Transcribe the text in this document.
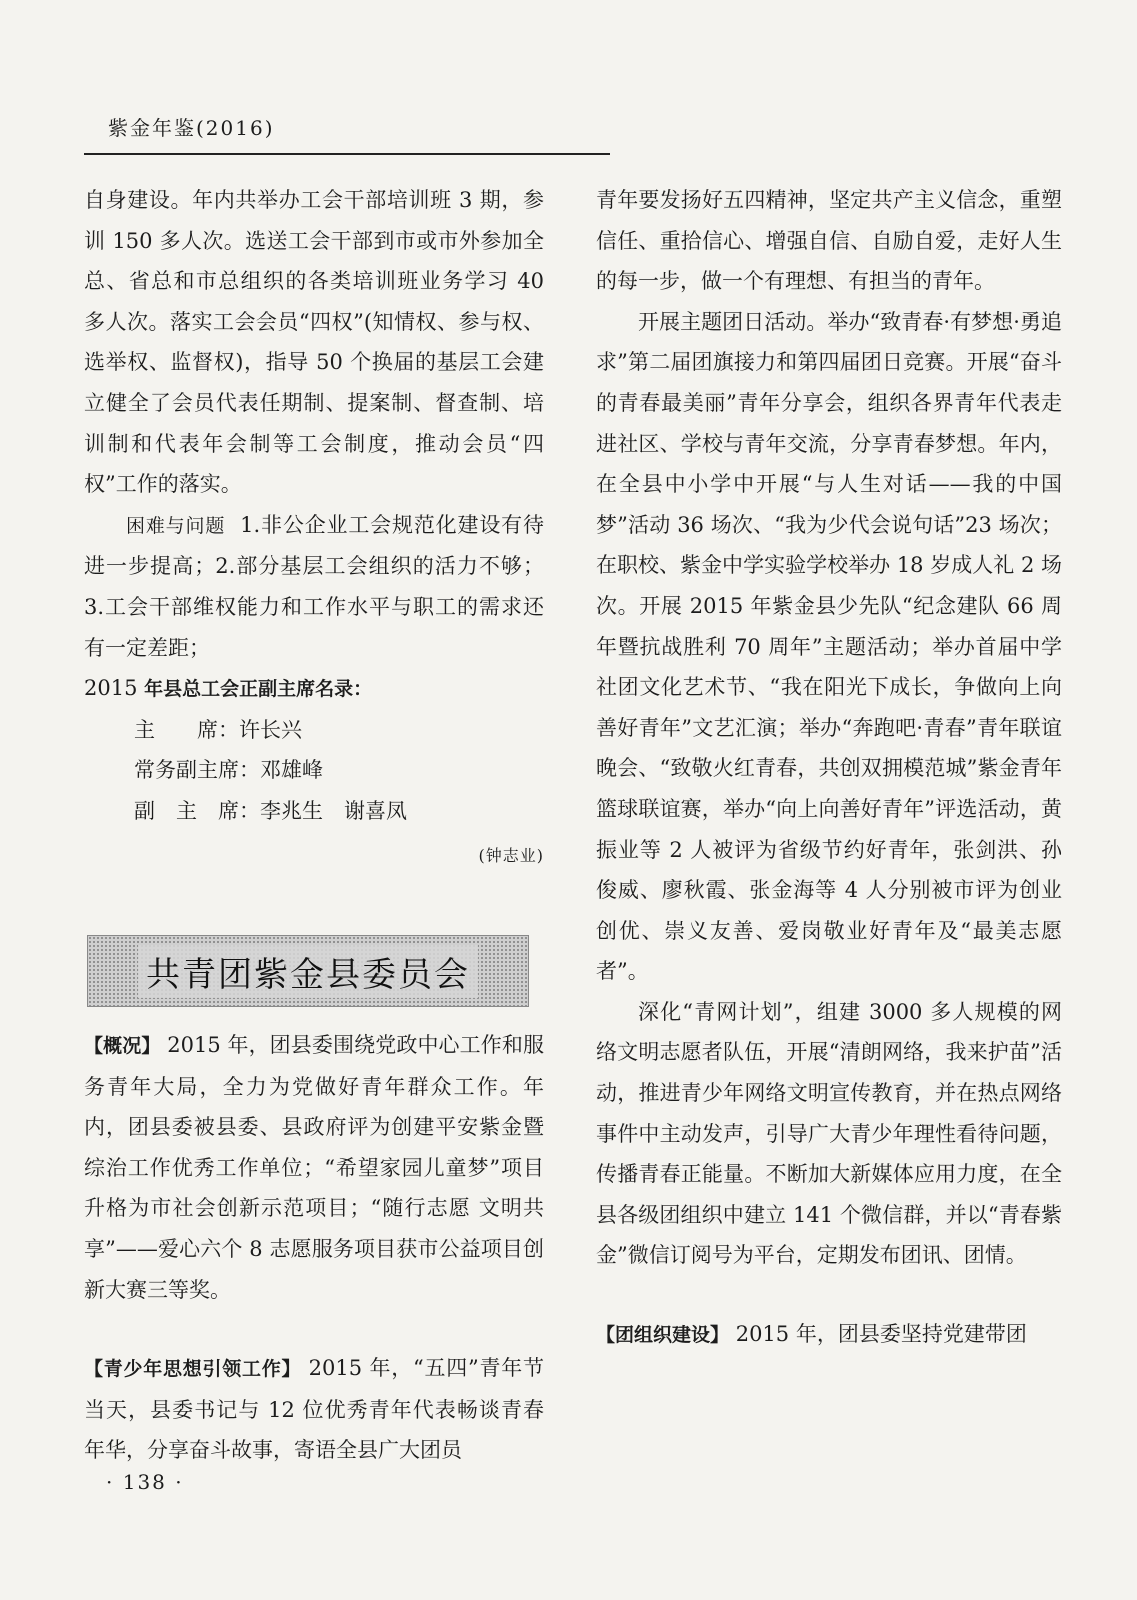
紫金年鉴(2016)

自身建设。年内共举办工会干部培训班 3 期，参训 150 多人次。选送工会干部到市或市外参加全总、省总和市总组织的各类培训班业务学习 40 多人次。落实工会会员“四权”(知情权、参与权、选举权、监督权)，指导 50 个换届的基层工会建立健全了会员代表任期制、提案制、督查制、培训制和代表年会制等工会制度，推动会员“四权”工作的落实。

困难与问题 1.非公企业工会规范化建设有待进一步提高；2.部分基层工会组织的活力不够；3.工会干部维权能力和工作水平与职工的需求还有一定差距；

2015 年县总工会正副主席名录：

主　　席：许长兴
常务副主席：邓雄峰
副　主　席：李兆生　谢喜凤
(钟志业)
共青团紫金县委员会

【概况】 2015 年，团县委围绕党政中心工作和服务青年大局，全力为党做好青年群众工作。年内，团县委被县委、县政府评为创建平安紫金暨综治工作优秀工作单位；“希望家园儿童梦”项目升格为市社会创新示范项目；“随行志愿 文明共享”——爱心六个 8 志愿服务项目获市公益项目创新大赛三等奖。

【青少年思想引领工作】 2015 年，“五四”青年节当天，县委书记与 12 位优秀青年代表畅谈青春年华，分享奋斗故事，寄语全县广大团员

青年要发扬好五四精神，坚定共产主义信念，重塑信任、重拾信心、增强自信、自励自爱，走好人生的每一步，做一个有理想、有担当的青年。

开展主题团日活动。举办“致青春·有梦想·勇追求”第二届团旗接力和第四届团日竞赛。开展“奋斗的青春最美丽”青年分享会，组织各界青年代表走进社区、学校与青年交流，分享青春梦想。年内，在全县中小学中开展“与人生对话——我的中国梦”活动 36 场次、“我为少代会说句话”23 场次；在职校、紫金中学实验学校举办 18 岁成人礼 2 场次。开展 2015 年紫金县少先队“纪念建队 66 周年暨抗战胜利 70 周年”主题活动；举办首届中学社团文化艺术节、“我在阳光下成长，争做向上向善好青年”文艺汇演；举办“奔跑吧·青春”青年联谊晚会、“致敬火红青春，共创双拥模范城”紫金青年篮球联谊赛，举办“向上向善好青年”评选活动，黄振业等 2 人被评为省级节约好青年，张剑洪、孙俊威、廖秋霞、张金海等 4 人分别被市评为创业创优、崇义友善、爱岗敬业好青年及“最美志愿者”。

深化“青网计划”，组建 3000 多人规模的网络文明志愿者队伍，开展“清朗网络，我来护苗”活动，推进青少年网络文明宣传教育，并在热点网络事件中主动发声，引导广大青少年理性看待问题，传播青春正能量。不断加大新媒体应用力度，在全县各级团组织中建立 141 个微信群，并以“青春紫金”微信订阅号为平台，定期发布团讯、团情。

【团组织建设】 2015 年，团县委坚持党建带团

· 138 ·
